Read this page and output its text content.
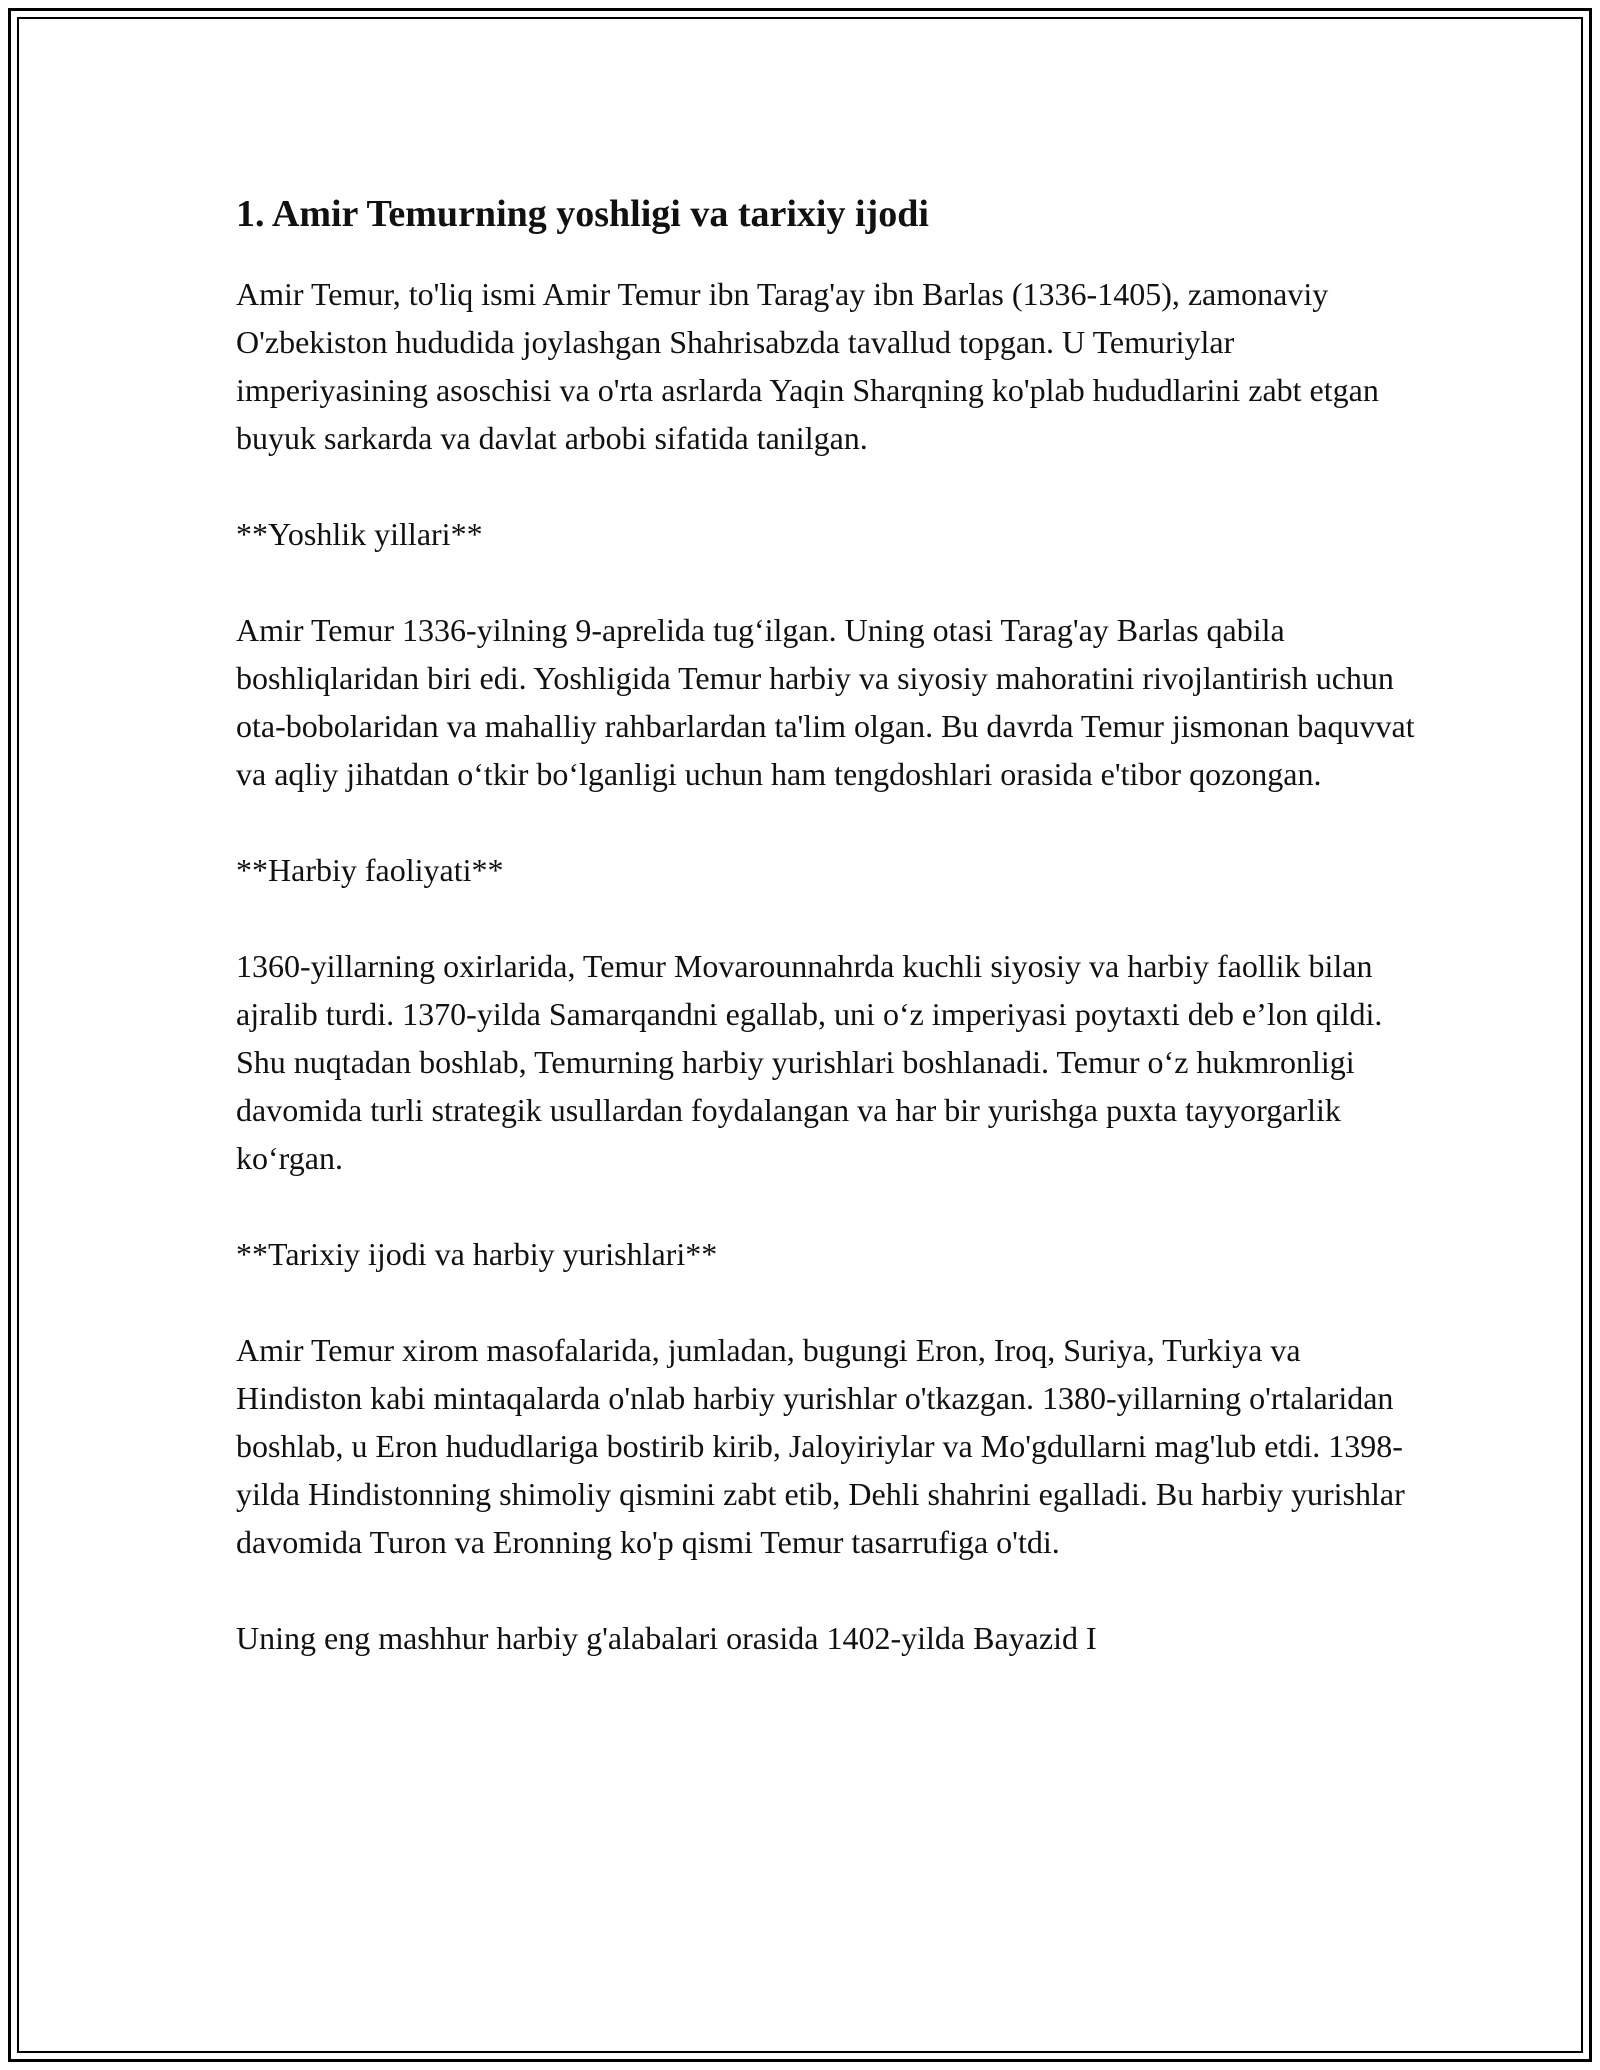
1. Amir Temurning yoshligi va tarixiy ijodi

Amir Temur, to'liq ismi Amir Temur ibn Tarag'ay ibn Barlas (1336-1405), zamonaviy O'zbekiston hududida joylashgan Shahrisabzda tavallud topgan. U Temuriylar imperiyasining asoschisi va o'rta asrlarda Yaqin Sharqning ko'plab hududlarini zabt etgan buyuk sarkarda va davlat arbobi sifatida tanilgan.

**Yoshlik yillari**

Amir Temur 1336-yilning 9-aprelida tug‘ilgan. Uning otasi Tarag'ay Barlas qabila boshliqlaridan biri edi. Yoshligida Temur harbiy va siyosiy mahoratini rivojlantirish uchun ota-bobolaridan va mahalliy rahbarlardan ta'lim olgan. Bu davrda Temur jismonan baquvvat va aqliy jihatdan o‘tkir bo‘lganligi uchun ham tengdoshlari orasida e'tibor qozongan.

**Harbiy faoliyati**

1360-yillarning oxirlarida, Temur Movarounnahrda kuchli siyosiy va harbiy faollik bilan ajralib turdi. 1370-yilda Samarqandni egallab, uni o‘z imperiyasi poytaxti deb e’lon qildi. Shu nuqtadan boshlab, Temurning harbiy yurishlari boshlanadi. Temur o‘z hukmronligi davomida turli strategik usullardan foydalangan va har bir yurishga puxta tayyorgarlik ko‘rgan.

**Tarixiy ijodi va harbiy yurishlari**

Amir Temur xirom masofalarida, jumladan, bugungi Eron, Iroq, Suriya, Turkiya va Hindiston kabi mintaqalarda o'nlab harbiy yurishlar o'tkazgan. 1380-yillarning o'rtalaridan boshlab, u Eron hududlariga bostirib kirib, Jaloyiriylar va Mo'gdullarni mag'lub etdi. 1398-yilda Hindistonning shimoliy qismini zabt etib, Dehli shahrini egalladi. Bu harbiy yurishlar davomida Turon va Eronning ko'p qismi Temur tasarrufiga o'tdi.

Uning eng mashhur harbiy g'alabalari orasida 1402-yilda Bayazid I
